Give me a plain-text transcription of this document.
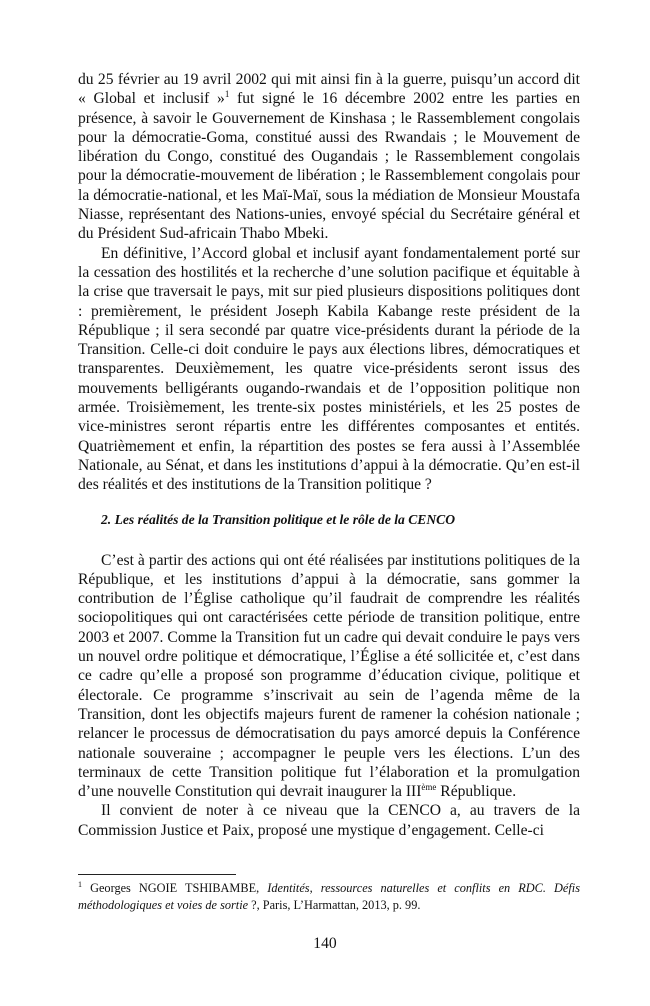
du 25 février au 19 avril 2002 qui mit ainsi fin à la guerre, puisqu’un accord dit « Global et inclusif »$^1$ fut signé le 16 décembre 2002 entre les parties en présence, à savoir le Gouvernement de Kinshasa ; le Rassemblement congolais pour la démocratie-Goma, constitué aussi des Rwandais ; le Mouvement de libération du Congo, constitué des Ougandais ; le Rassemblement congolais pour la démocratie-mouvement de libération ; le Rassemblement congolais pour la démocratie-national, et les Maï-Maï, sous la médiation de Monsieur Moustafa Niasse, représentant des Nations-unies, envoyé spécial du Secrétaire général et du Président Sud-africain Thabo Mbeki.

En définitive, l’Accord global et inclusif ayant fondamentalement porté sur la cessation des hostilités et la recherche d’une solution pacifique et équitable à la crise que traversait le pays, mit sur pied plusieurs dispositions politiques dont : premièrement, le président Joseph Kabila Kabange reste président de la République ; il sera secondé par quatre vice-présidents durant la période de la Transition. Celle-ci doit conduire le pays aux élections libres, démocratiques et transparentes. Deuxièmement, les quatre vice-présidents seront issus des mouvements belligérants ougando-rwandais et de l’opposition politique non armée. Troisièmement, les trente-six postes ministériels, et les 25 postes de vice-ministres seront répartis entre les différentes composantes et entités. Quatrièmement et enfin, la répartition des postes se fera aussi à l’Assemblée Nationale, au Sénat, et dans les institutions d’appui à la démocratie. Qu’en est-il des réalités et des institutions de la Transition politique ?

2. Les réalités de la Transition politique et le rôle de la CENCO

C’est à partir des actions qui ont été réalisées par institutions politiques de la République, et les institutions d’appui à la démocratie, sans gommer la contribution de l’Église catholique qu’il faudrait de comprendre les réalités sociopolitiques qui ont caractérisées cette période de transition politique, entre 2003 et 2007. Comme la Transition fut un cadre qui devait conduire le pays vers un nouvel ordre politique et démocratique, l’Église a été sollicitée et, c’est dans ce cadre qu’elle a proposé son programme d’éducation civique, politique et électorale. Ce programme s’inscrivait au sein de l’agenda même de la Transition, dont les objectifs majeurs furent de ramener la cohésion nationale ; relancer le processus de démocratisation du pays amorcé depuis la Conférence nationale souveraine ; accompagner le peuple vers les élections. L’un des terminaux de cette Transition politique fut l’élaboration et la promulgation d’une nouvelle Constitution qui devrait inaugurer la IIIème République.

Il convient de noter à ce niveau que la CENCO a, au travers de la Commission Justice et Paix, proposé une mystique d’engagement. Celle-ci

$^1$ Georges NGOIE TSHIBAMBE, Identités, ressources naturelles et conflits en RDC. Défis méthodologiques et voies de sortie ?, Paris, L’Harmattan, 2013, p. 99.

140
